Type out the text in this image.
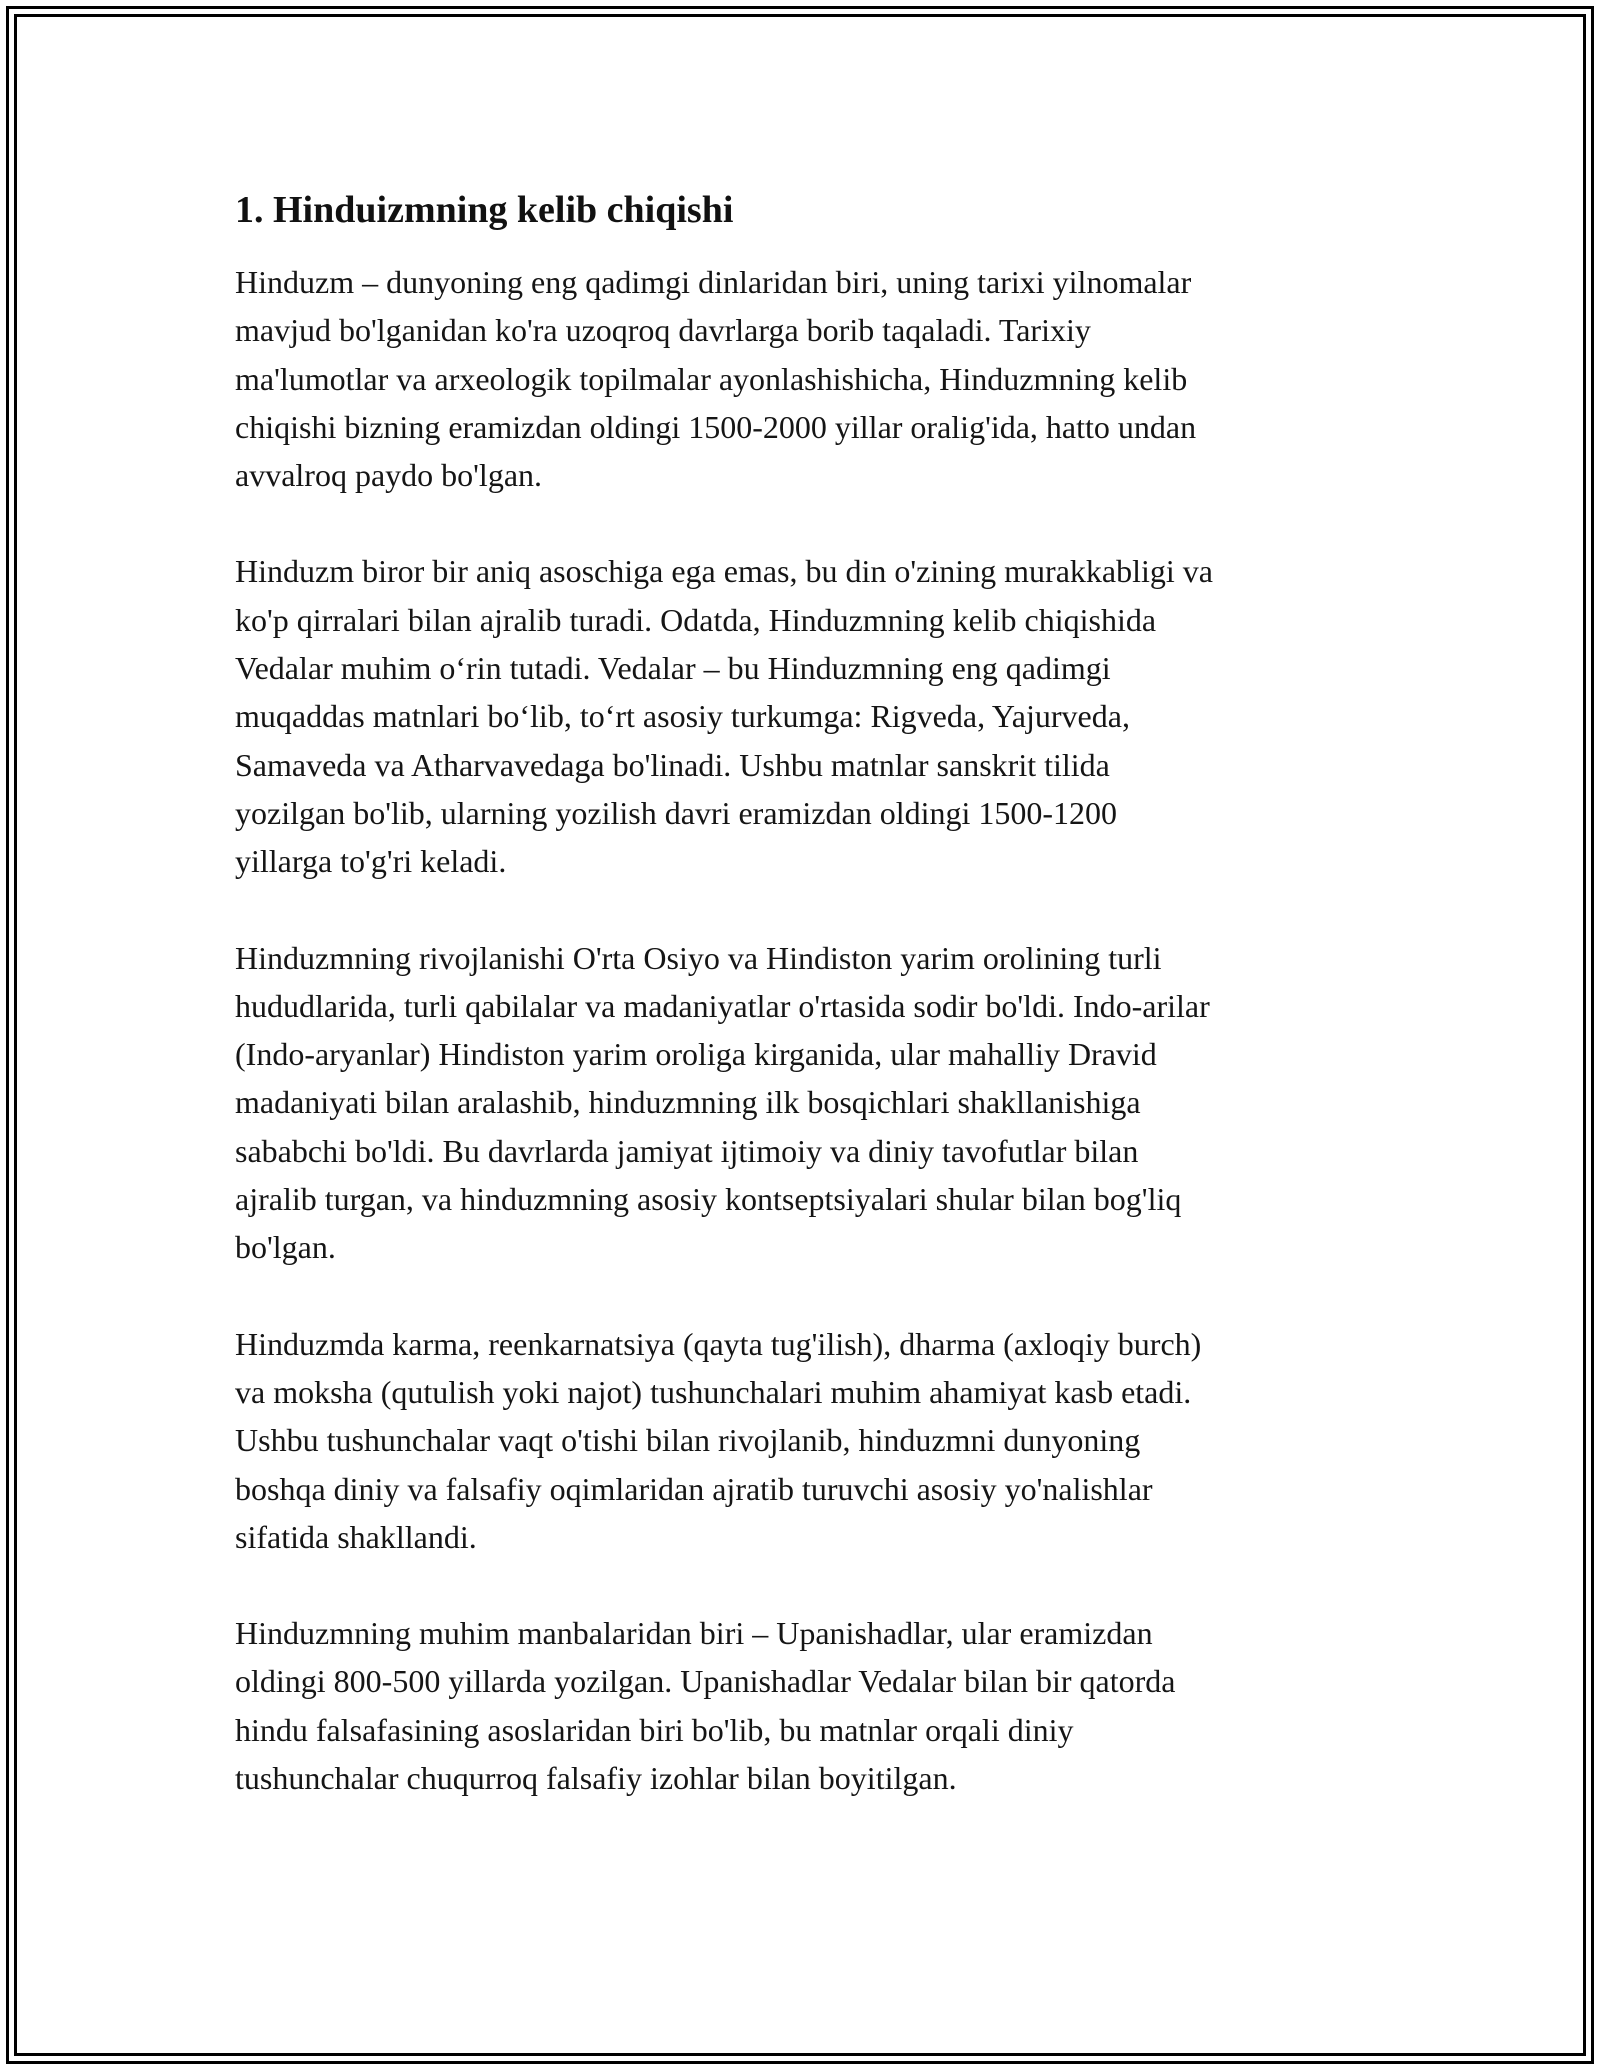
1. Hinduizmning kelib chiqishi
Hinduzm – dunyoning eng qadimgi dinlaridan biri, uning tarixi yilnomalar
mavjud bo'lganidan ko'ra uzoqroq davrlarga borib taqaladi. Tarixiy
ma'lumotlar va arxeologik topilmalar ayonlashishicha, Hinduzmning kelib
chiqishi bizning eramizdan oldingi 1500-2000 yillar oralig'ida, hatto undan
avvalroq paydo bo'lgan.
Hinduzm biror bir aniq asoschiga ega emas, bu din o'zining murakkabligi va
ko'p qirralari bilan ajralib turadi. Odatda, Hinduzmning kelib chiqishida
Vedalar muhim o‘rin tutadi. Vedalar – bu Hinduzmning eng qadimgi
muqaddas matnlari bo‘lib, to‘rt asosiy turkumga: Rigveda, Yajurveda,
Samaveda va Atharvavedaga bo'linadi. Ushbu matnlar sanskrit tilida
yozilgan bo'lib, ularning yozilish davri eramizdan oldingi 1500-1200
yillarga to'g'ri keladi.
Hinduzmning rivojlanishi O'rta Osiyo va Hindiston yarim orolining turli
hududlarida, turli qabilalar va madaniyatlar o'rtasida sodir bo'ldi. Indo-arilar
(Indo-aryanlar) Hindiston yarim oroliga kirganida, ular mahalliy Dravid
madaniyati bilan aralashib, hinduzmning ilk bosqichlari shakllanishiga
sababchi bo'ldi. Bu davrlarda jamiyat ijtimoiy va diniy tavofutlar bilan
ajralib turgan, va hinduzmning asosiy kontseptsiyalari shular bilan bog'liq
bo'lgan.
Hinduzmda karma, reenkarnatsiya (qayta tug'ilish), dharma (axloqiy burch)
va moksha (qutulish yoki najot) tushunchalari muhim ahamiyat kasb etadi.
Ushbu tushunchalar vaqt o'tishi bilan rivojlanib, hinduzmni dunyoning
boshqa diniy va falsafiy oqimlaridan ajratib turuvchi asosiy yo'nalishlar
sifatida shakllandi.
Hinduzmning muhim manbalaridan biri – Upanishadlar, ular eramizdan
oldingi 800-500 yillarda yozilgan. Upanishadlar Vedalar bilan bir qatorda
hindu falsafasining asoslaridan biri bo'lib, bu matnlar orqali diniy
tushunchalar chuqurroq falsafiy izohlar bilan boyitilgan.
